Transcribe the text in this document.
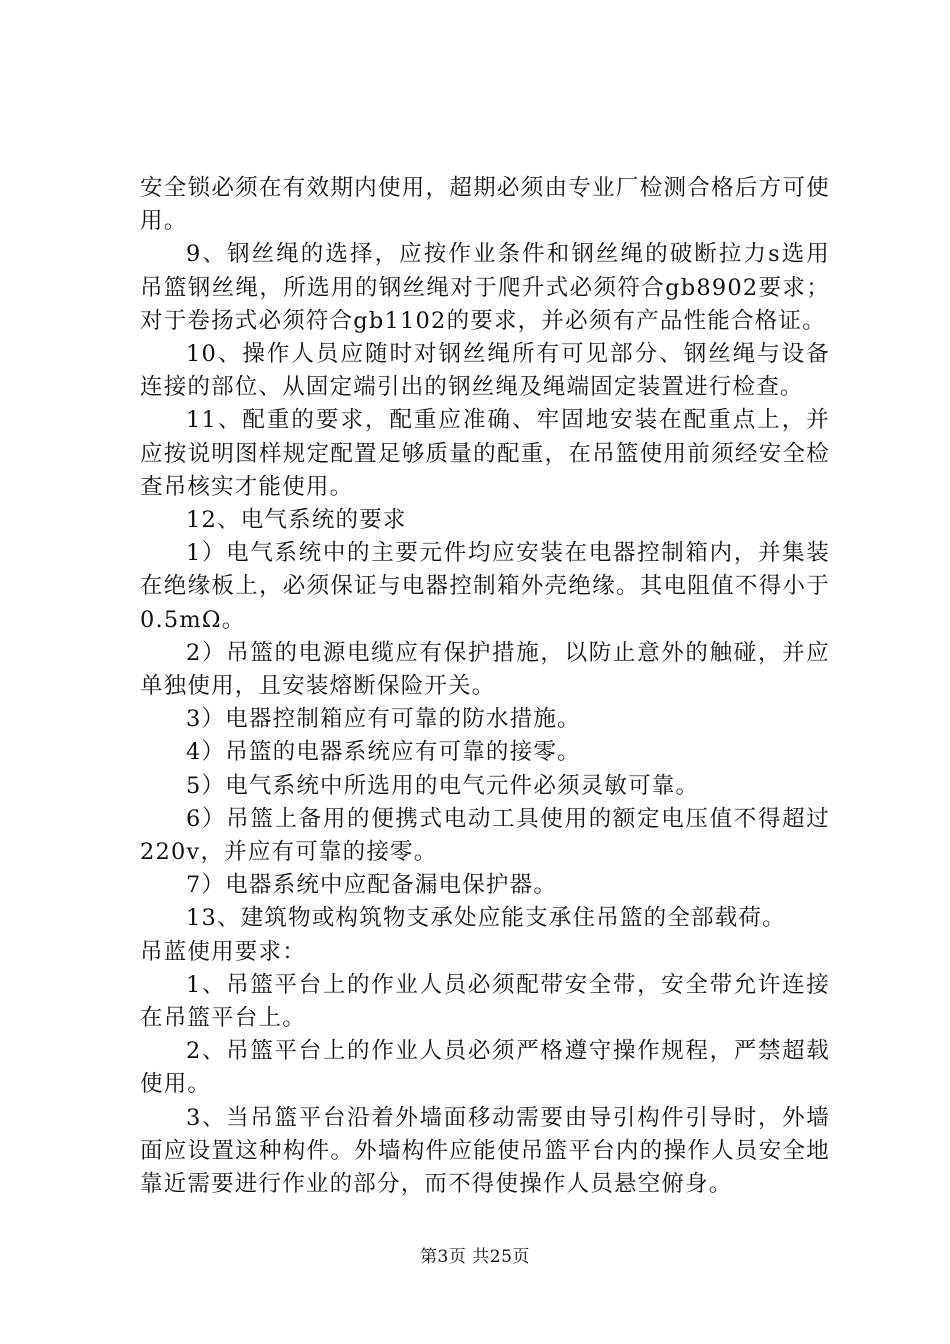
安全锁必须在有效期内使用，超期必须由专业厂检测合格后方可使用。

9、钢丝绳的选择，应按作业条件和钢丝绳的破断拉力s选用吊篮钢丝绳，所选用的钢丝绳对于爬升式必须符合gb8902要求；对于卷扬式必须符合gb1102的要求，并必须有产品性能合格证。

10、操作人员应随时对钢丝绳所有可见部分、钢丝绳与设备连接的部位、从固定端引出的钢丝绳及绳端固定装置进行检查。

11、配重的要求，配重应准确、牢固地安装在配重点上，并应按说明图样规定配置足够质量的配重，在吊篮使用前须经安全检查吊核实才能使用。

12、电气系统的要求

1）电气系统中的主要元件均应安装在电器控制箱内，并集装在绝缘板上，必须保证与电器控制箱外壳绝缘。其电阻值不得小于0.5mΩ。

2）吊篮的电源电缆应有保护措施，以防止意外的触碰，并应单独使用，且安装熔断保险开关。

3）电器控制箱应有可靠的防水措施。

4）吊篮的电器系统应有可靠的接零。

5）电气系统中所选用的电气元件必须灵敏可靠。

6）吊篮上备用的便携式电动工具使用的额定电压值不得超过220v，并应有可靠的接零。

7）电器系统中应配备漏电保护器。

13、建筑物或构筑物支承处应能支承住吊篮的全部载荷。

吊蓝使用要求：

1、吊篮平台上的作业人员必须配带安全带，安全带允许连接在吊篮平台上。

2、吊篮平台上的作业人员必须严格遵守操作规程，严禁超载使用。

3、当吊篮平台沿着外墙面移动需要由导引构件引导时，外墙面应设置这种构件。外墙构件应能使吊篮平台内的操作人员安全地靠近需要进行作业的部分，而不得使操作人员悬空俯身。

第3页 共25页
